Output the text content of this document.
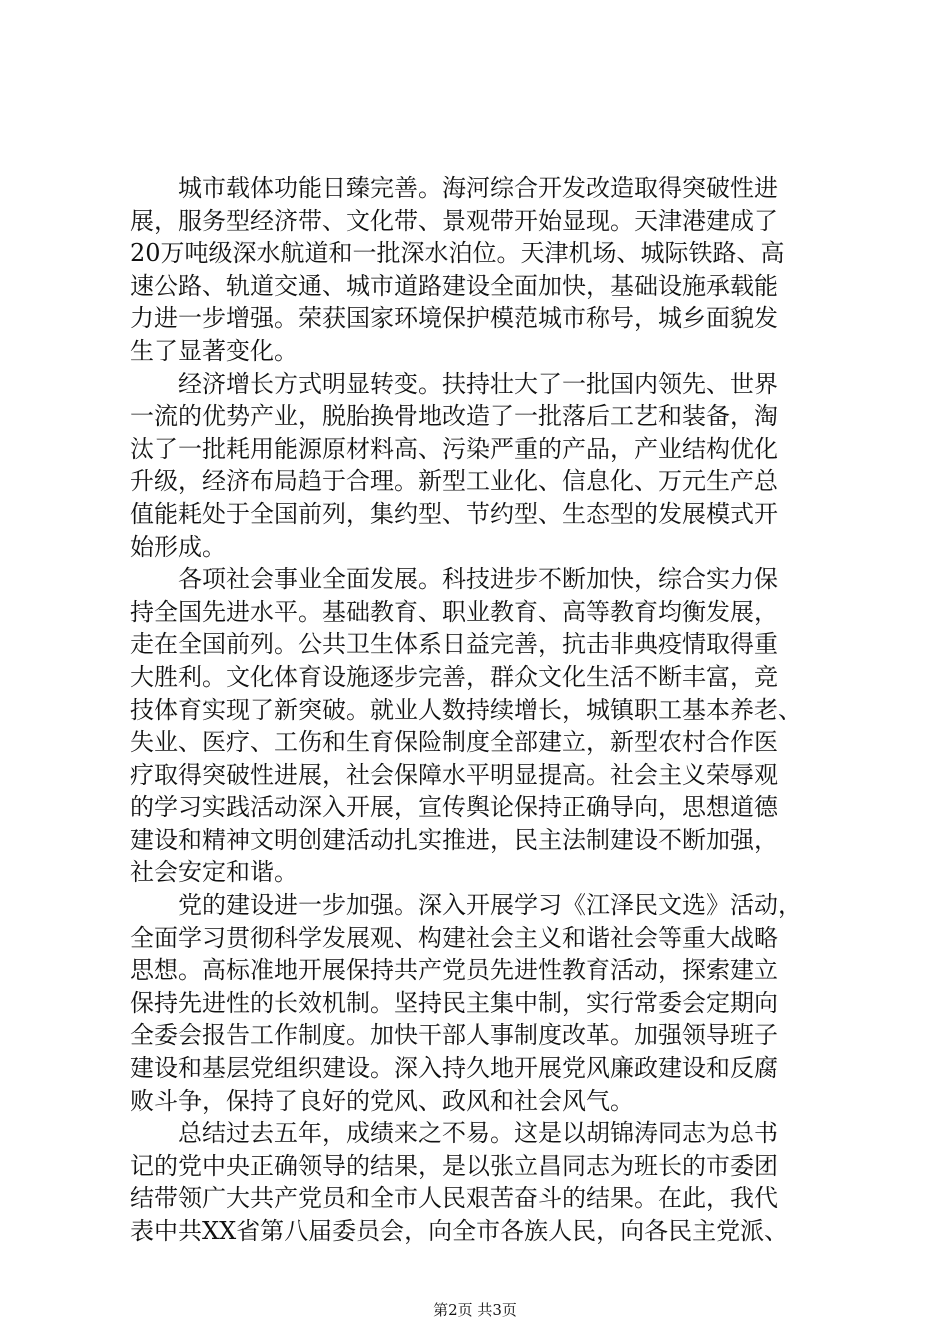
城市载体功能日臻完善。海河综合开发改造取得突破性进
展，服务型经济带、文化带、景观带开始显现。天津港建成了
20万吨级深水航道和一批深水泊位。天津机场、城际铁路、高
速公路、轨道交通、城市道路建设全面加快，基础设施承载能
力进一步增强。荣获国家环境保护模范城市称号，城乡面貌发
生了显著变化。
经济增长方式明显转变。扶持壮大了一批国内领先、世界
一流的优势产业，脱胎换骨地改造了一批落后工艺和装备，淘
汰了一批耗用能源原材料高、污染严重的产品，产业结构优化
升级，经济布局趋于合理。新型工业化、信息化、万元生产总
值能耗处于全国前列，集约型、节约型、生态型的发展模式开
始形成。
各项社会事业全面发展。科技进步不断加快，综合实力保
持全国先进水平。基础教育、职业教育、高等教育均衡发展，
走在全国前列。公共卫生体系日益完善，抗击非典疫情取得重
大胜利。文化体育设施逐步完善，群众文化生活不断丰富，竞
技体育实现了新突破。就业人数持续增长，城镇职工基本养老、
失业、医疗、工伤和生育保险制度全部建立，新型农村合作医
疗取得突破性进展，社会保障水平明显提高。社会主义荣辱观
的学习实践活动深入开展，宣传舆论保持正确导向，思想道德
建设和精神文明创建活动扎实推进，民主法制建设不断加强，
社会安定和谐。
党的建设进一步加强。深入开展学习《江泽民文选》活动，
全面学习贯彻科学发展观、构建社会主义和谐社会等重大战略
思想。高标准地开展保持共产党员先进性教育活动，探索建立
保持先进性的长效机制。坚持民主集中制，实行常委会定期向
全委会报告工作制度。加快干部人事制度改革。加强领导班子
建设和基层党组织建设。深入持久地开展党风廉政建设和反腐
败斗争，保持了良好的党风、政风和社会风气。
总结过去五年，成绩来之不易。这是以胡锦涛同志为总书
记的党中央正确领导的结果，是以张立昌同志为班长的市委团
结带领广大共产党员和全市人民艰苦奋斗的结果。在此，我代
表中共XX省第八届委员会，向全市各族人民，向各民主党派、
第2页 共3页
